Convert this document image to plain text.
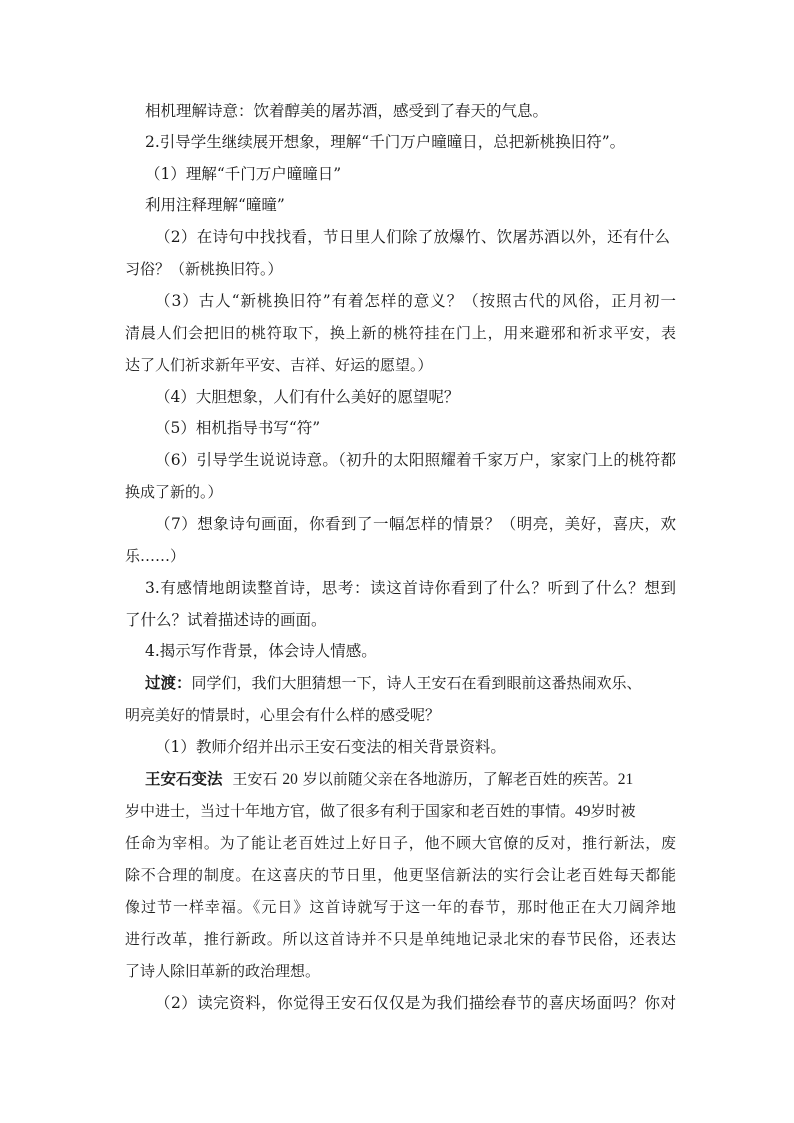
相机理解诗意：饮着醇美的屠苏酒，感受到了春天的气息。
2.引导学生继续展开想象，理解“千门万户曈曈日，总把新桃换旧符”。
（1）理解“千门万户曈曈日”
利用注释理解“曈曈”
（2）在诗句中找找看，节日里人们除了放爆竹、饮屠苏酒以外，还有什么
习俗？（新桃换旧符。）
（3）古人“新桃换旧符”有着怎样的意义？（按照古代的风俗，正月初一
清晨人们会把旧的桃符取下，换上新的桃符挂在门上，用来避邪和祈求平安，表
达了人们祈求新年平安、吉祥、好运的愿望。）
（4）大胆想象，人们有什么美好的愿望呢？
（5）相机指导书写“符”
（6）引导学生说说诗意。（初升的太阳照耀着千家万户，家家门上的桃符都
换成了新的。）
（7）想象诗句画面，你看到了一幅怎样的情景？（明亮，美好，喜庆，欢
乐……）
3.有感情地朗读整首诗，思考：读这首诗你看到了什么？听到了什么？想到
了什么？试着描述诗的画面。
4.揭示写作背景，体会诗人情感。
过渡：同学们，我们大胆猜想一下，诗人王安石在看到眼前这番热闹欢乐、
明亮美好的情景时，心里会有什么样的感受呢？
（1）教师介绍并出示王安石变法的相关背景资料。
王安石变法 王安石 20 岁以前随父亲在各地游历，了解老百姓的疾苦。21
岁中进士，当过十年地方官，做了很多有利于国家和老百姓的事情。49岁时被
任命为宰相。为了能让老百姓过上好日子，他不顾大官僚的反对，推行新法，废
除不合理的制度。在这喜庆的节日里，他更坚信新法的实行会让老百姓每天都能
像过节一样幸福。《元日》这首诗就写于这一年的春节，那时他正在大刀阔斧地
进行改革，推行新政。所以这首诗并不只是单纯地记录北宋的春节民俗，还表达
了诗人除旧革新的政治理想。
（2）读完资料，你觉得王安石仅仅是为我们描绘春节的喜庆场面吗？你对
